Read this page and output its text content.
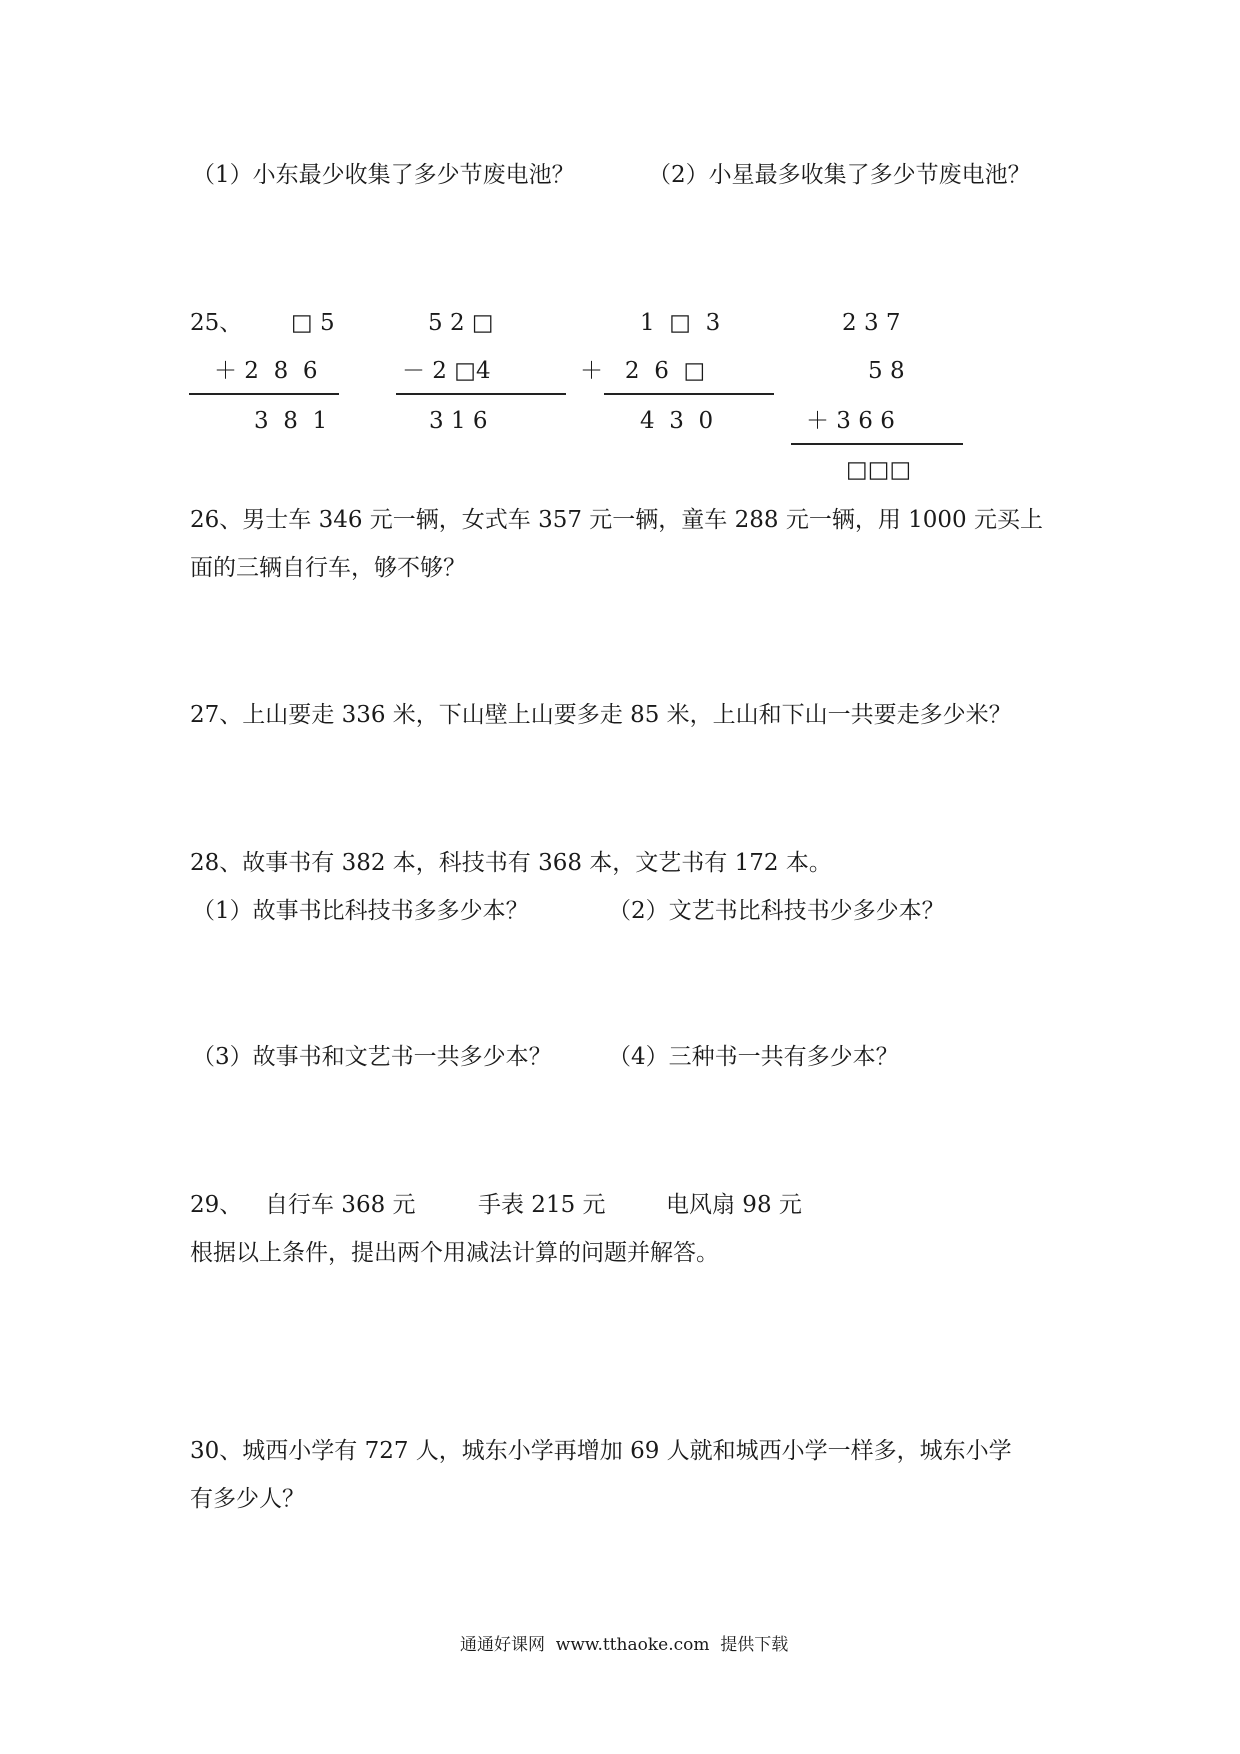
（1）小东最少收集了多少节废电池？	（2）小星最多收集了多少节废电池？
25、 □ 5
＋ 2  8  6
3  8  1
5 2 □
－ 2 □4
3 1 6
1  □  3
＋   2  6  □
4  3  0
2 3 7
5 8
＋ 3 6 6
□□□
26、男士车 346 元一辆，女式车 357 元一辆，童车 288 元一辆，用 1000 元买上
面的三辆自行车，够不够？
27、上山要走 336 米，下山壁上山要多走 85 米，上山和下山一共要走多少米？
28、故事书有 382 本，科技书有 368 本，文艺书有 172 本。
（1）故事书比科技书多多少本？	（2）文艺书比科技书少多少本？
（3）故事书和文艺书一共多少本？ （4）三种书一共有多少本？
29、 自行车 368 元	手表 215 元	电风扇 98 元
根据以上条件，提出两个用减法计算的问题并解答。
30、城西小学有 727 人，城东小学再增加 69 人就和城西小学一样多，城东小学
有多少人？
通通好课网  www.tthaoke.com  提供下载
